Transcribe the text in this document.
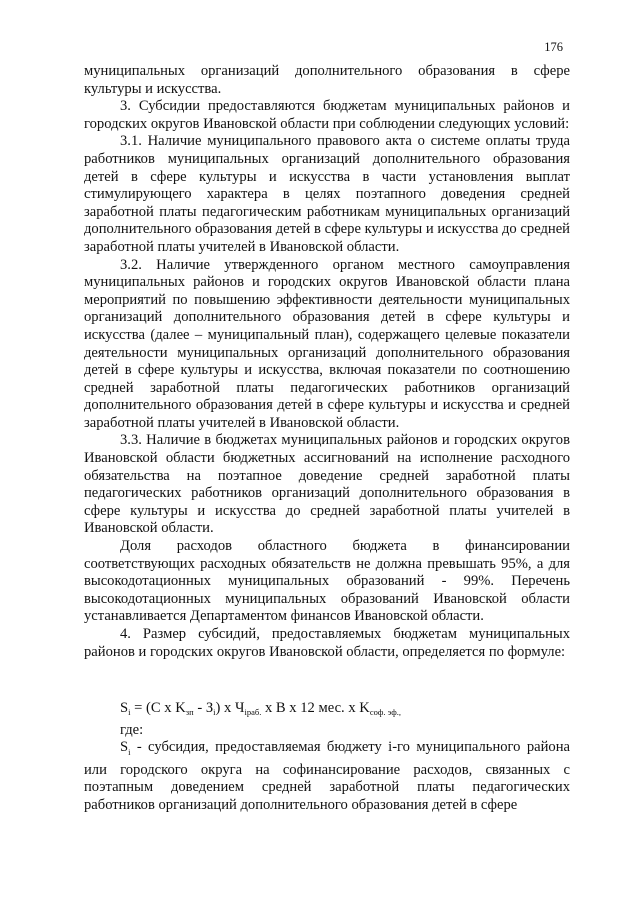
176

муниципальных организаций дополнительного образования в сфере культуры и искусства.

3. Субсидии предоставляются бюджетам муниципальных районов и городских округов Ивановской области при соблюдении следующих условий:

3.1. Наличие муниципального правового акта о системе оплаты труда работников муниципальных организаций дополнительного образования детей в сфере культуры и искусства в части установления выплат стимулирующего характера в целях поэтапного доведения средней заработной платы педагогическим работникам муниципальных организаций дополнительного образования детей в сфере культуры и искусства до средней заработной платы учителей в Ивановской области.

3.2. Наличие утвержденного органом местного самоуправления муниципальных районов и городских округов Ивановской области плана мероприятий по повышению эффективности деятельности муниципальных организаций дополнительного образования детей в сфере культуры и искусства (далее – муниципальный план), содержащего целевые показатели деятельности муниципальных организаций дополнительного образования детей в сфере культуры и искусства, включая показатели по соотношению средней заработной платы педагогических работников организаций дополнительного образования детей в сфере культуры и искусства и средней заработной платы учителей в Ивановской области.

3.3. Наличие в бюджетах муниципальных районов и городских округов Ивановской области бюджетных ассигнований на исполнение расходного обязательства на поэтапное доведение средней заработной платы педагогических работников организаций дополнительного образования в сфере культуры и искусства до средней заработной платы учителей в Ивановской области.

Доля расходов областного бюджета в финансировании соответствующих расходных обязательств не должна превышать 95%, а для высокодотационных муниципальных образований - 99%. Перечень высокодотационных муниципальных образований Ивановской области устанавливается Департаментом финансов Ивановской области.

4. Размер субсидий, предоставляемых бюджетам муниципальных районов и городских округов Ивановской области, определяется по формуле:

$S_i = (C$ х $K_{зп} - З_i$) х $Ч_{iраб.}$ х В х 12 мес. х $K_{соф. эф.,}$

где:

$S_i$ - субсидия, предоставляемая бюджету i-го муниципального района или городского округа на софинансирование расходов, связанных с поэтапным доведением средней заработной платы педагогических работников организаций дополнительного образования детей в сфере
